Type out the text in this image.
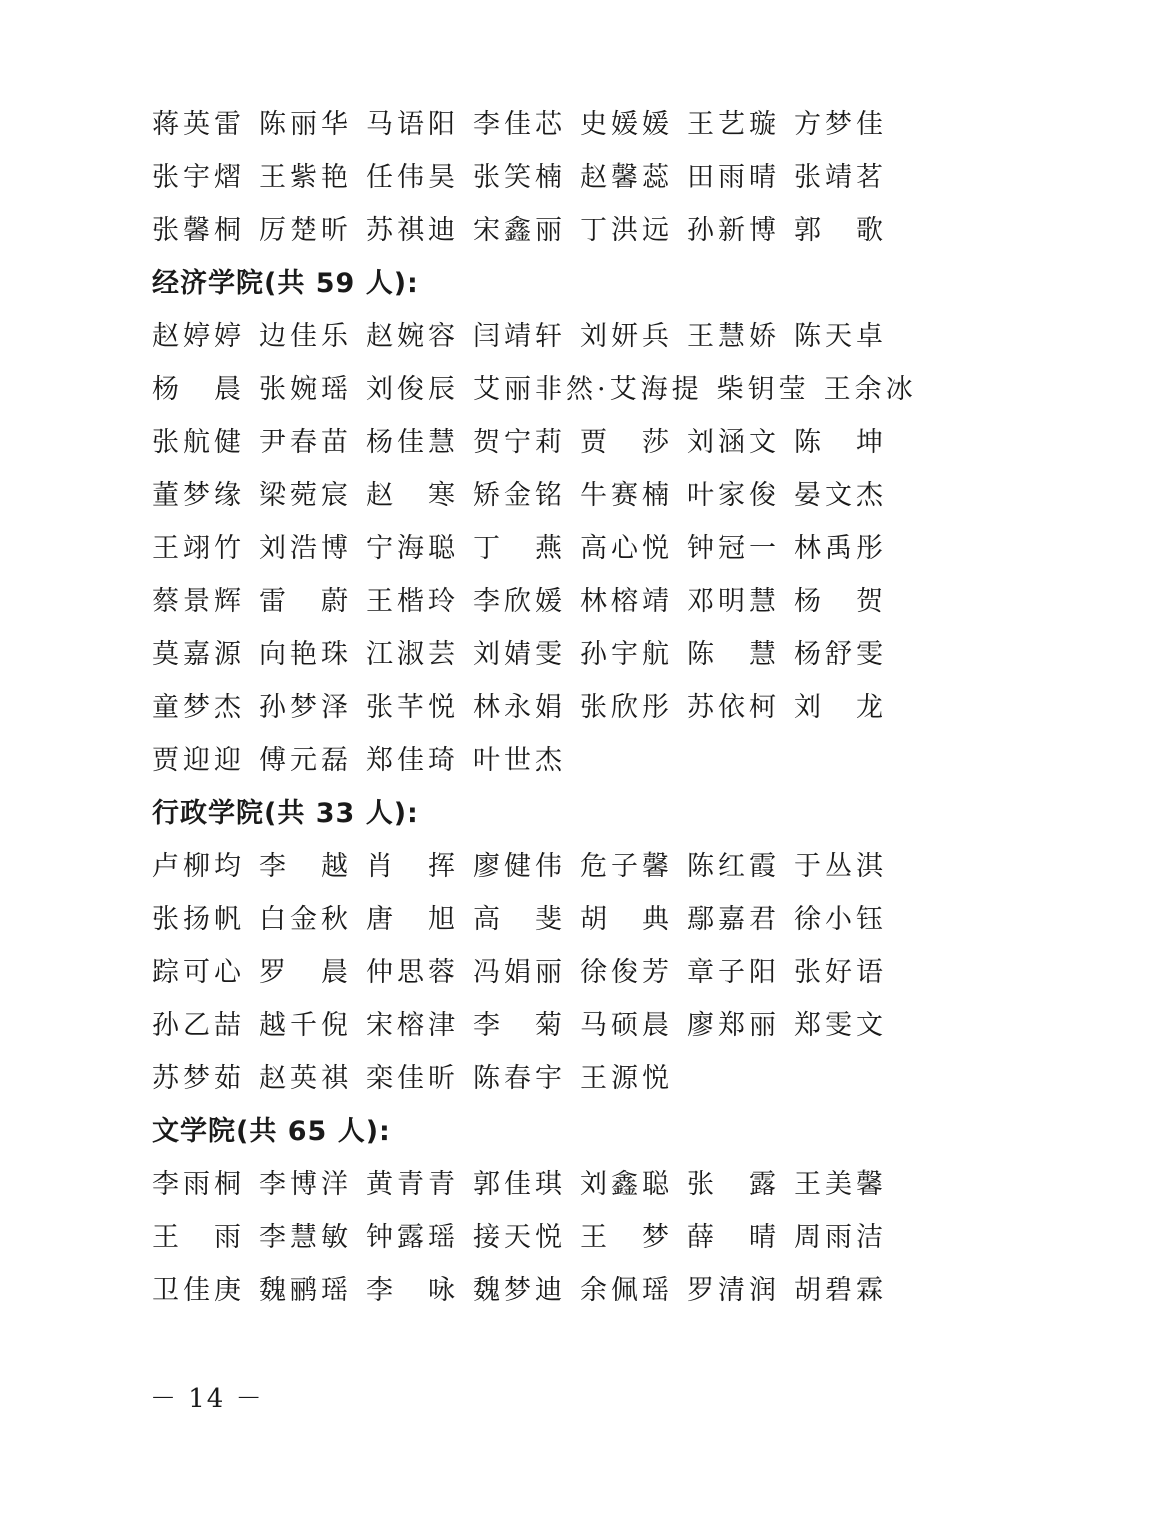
蒋英雷 陈丽华 马语阳 李佳芯 史媛媛 王艺璇 方梦佳
张宇熠 王紫艳 任伟昊 张笑楠 赵馨蕊 田雨晴 张靖茗
张馨桐 厉楚昕 苏祺迪 宋鑫丽 丁洪远 孙新博 郭　歌
经济学院(共 59 人):
赵婷婷 边佳乐 赵婉容 闫靖轩 刘妍兵 王慧娇 陈天卓
杨　晨 张婉瑶 刘俊辰 艾丽非然·艾海提 柴钥莹 王余冰
张航健 尹春苗 杨佳慧 贺宁莉 贾　莎 刘涵文 陈　坤
董梦缘 梁菀宸 赵　寒 矫金铭 牛赛楠 叶家俊 晏文杰
王翊竹 刘浩博 宁海聪 丁　燕 高心悦 钟冠一 林禹彤
蔡景辉 雷　蔚 王楷玲 李欣媛 林榕靖 邓明慧 杨　贺
莫嘉源 向艳珠 江淑芸 刘婧雯 孙宇航 陈　慧 杨舒雯
童梦杰 孙梦泽 张芊悦 林永娟 张欣彤 苏依柯 刘　龙
贾迎迎 傅元磊 郑佳琦 叶世杰
行政学院(共 33 人):
卢柳均 李　越 肖　挥 廖健伟 危子馨 陈红霞 于丛淇
张扬帆 白金秋 唐　旭 高　斐 胡　典 鄢嘉君 徐小钰
踪可心 罗　晨 仲思蓉 冯娟丽 徐俊芳 章子阳 张好语
孙乙喆 越千倪 宋榕津 李　菊 马硕晨 廖郑丽 郑雯文
苏梦茹 赵英祺 栾佳昕 陈春宇 王源悦
文学院(共 65 人):
李雨桐 李博洋 黄青青 郭佳琪 刘鑫聪 张　露 王美馨
王　雨 李慧敏 钟露瑶 接天悦 王　梦 薛　晴 周雨洁
卫佳庚 魏鹂瑶 李　咏 魏梦迪 余佩瑶 罗清润 胡碧霖
－ 14 －
